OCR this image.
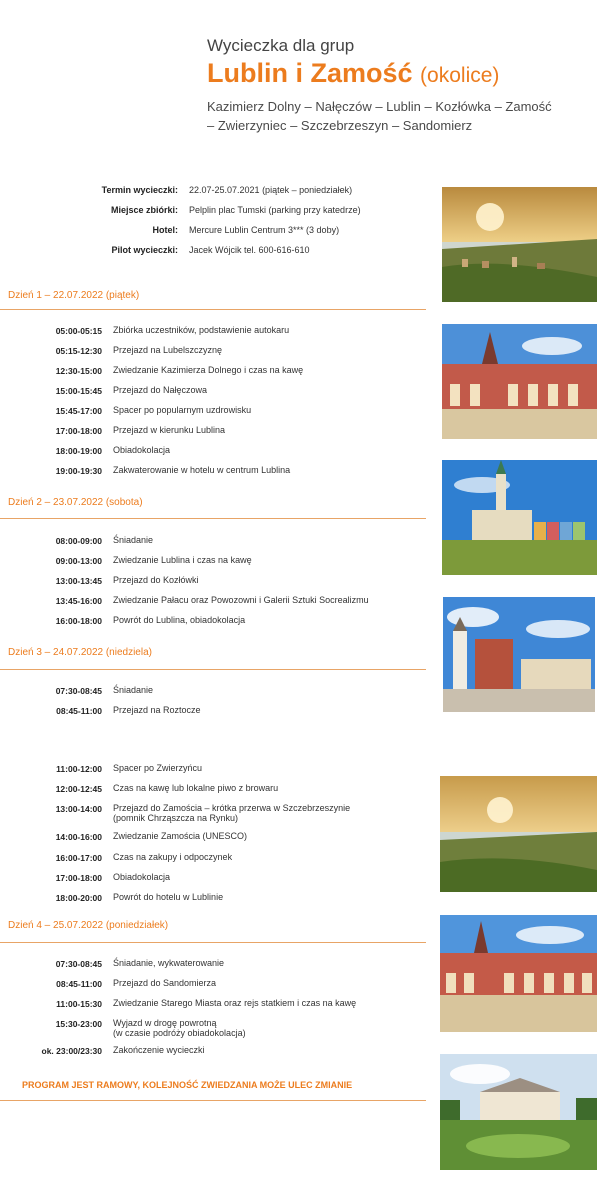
Wycieczka dla grup
Lublin i Zamość (okolice)
Kazimierz Dolny – Nałęczów – Lublin – Kozłówka – Zamość
– Zwierzyniec – Szczebrzeszyn – Sandomierz
Termin wycieczki: 22.07-25.07.2021 (piątek – poniedziałek)
Miejsce zbiórki: Pelplin plac Tumski (parking przy katedrze)
Hotel: Mercure Lublin Centrum 3*** (3 doby)
Pilot wycieczki: Jacek Wójcik tel. 600-616-610
Dzień 1 – 22.07.2022 (piątek)
05:00-05:15 Zbiórka uczestników, podstawienie autokaru
05:15-12:30 Przejazd na Lubelszczyznę
12:30-15:00 Zwiedzanie Kazimierza Dolnego i czas na kawę
15:00-15:45 Przejazd do Nałęczowa
15:45-17:00 Spacer po popularnym uzdrowisku
17:00-18:00 Przejazd w kierunku Lublina
18:00-19:00 Obiadokolacja
19:00-19:30 Zakwaterowanie w hotelu w centrum Lublina
Dzień 2 – 23.07.2022 (sobota)
08:00-09:00 Śniadanie
09:00-13:00 Zwiedzanie Lublina i czas na kawę
13:00-13:45 Przejazd do Kozłówki
13:45-16:00 Zwiedzanie Pałacu oraz Powozowni i Galerii Sztuki Socrealizmu
16:00-18:00 Powrót do Lublina, obiadokolacja
Dzień 3 – 24.07.2022 (niedziela)
07:30-08:45 Śniadanie
08:45-11:00 Przejazd na Roztocze
11:00-12:00 Spacer po Zwierzyńcu
12:00-12:45 Czas na kawę lub lokalne piwo z browaru
13:00-14:00 Przejazd do Zamościa – krótka przerwa w Szczebrzeszynie
(pomnik Chrząszcza na Rynku)
14:00-16:00 Zwiedzanie Zamościa (UNESCO)
16:00-17:00 Czas na zakupy i odpoczynek
17:00-18:00 Obiadokolacja
18:00-20:00 Powrót do hotelu w Lublinie
Dzień 4 – 25.07.2022 (poniedziałek)
07:30-08:45 Śniadanie, wykwaterowanie
08:45-11:00 Przejazd do Sandomierza
11:00-15:30 Zwiedzanie Starego Miasta oraz rejs statkiem i czas na kawę
15:30-23:00 Wyjazd w drogę powrotną
(w czasie podróży obiadokolacja)
ok. 23:00/23:30 Zakończenie wycieczki
PROGRAM JEST RAMOWY, KOLEJNOŚĆ ZWIEDZANIA MOŻE ULEC ZMIANIE
